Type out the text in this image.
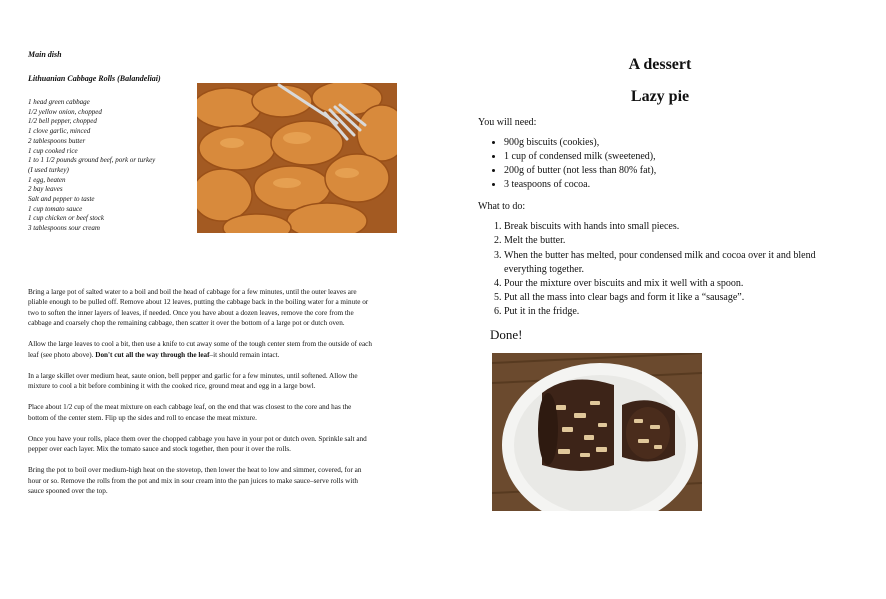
Main dish

Lithuanian Cabbage Rolls (Balandeliai)

1 head green cabbage
1/2 yellow onion, chopped
1/2 bell pepper, chopped
1 clove garlic, minced
2 tablespoons butter
1 cup cooked rice
1 to 1 1/2 pounds ground beef, pork or turkey
(I used turkey)
1 egg, beaten
2 bay leaves
Salt and pepper to taste
1 cup tomato sauce
1 cup chicken or beef stock
3 tablespoons sour cream

Bring a large pot of salted water to a boil and boil the head of cabbage for a few minutes, until the outer leaves are pliable enough to be pulled off. Remove about 12 leaves, putting the cabbage back in the boiling water for a minute or two to soften the inner layers of leaves, if needed. Once you have about a dozen leaves, remove the core from the cabbage and coarsely chop the remaining cabbage, then scatter it over the bottom of a large pot or dutch oven.

Allow the large leaves to cool a bit, then use a knife to cut away some of the tough center stem from the outside of each leaf (see photo above). Don't cut all the way through the leaf–it should remain intact.

In a large skillet over medium heat, saute onion, bell pepper and garlic for a few minutes, until softened. Allow the mixture to cool a bit before combining it with the cooked rice, ground meat and egg in a large bowl.

Place about 1/2 cup of the meat mixture on each cabbage leaf, on the end that was closest to the core and has the bottom of the center stem. Flip up the sides and roll to encase the meat mixture.

Once you have your rolls, place them over the chopped cabbage you have in your pot or dutch oven. Sprinkle salt and pepper over each layer. Mix the tomato sauce and stock together, then pour it over the rolls.

Bring the pot to boil over medium-high heat on the stovetop, then lower the heat to low and simmer, covered, for an hour or so. Remove the rolls from the pot and mix in sour cream into the pan juices to make sauce–serve rolls with sauce spooned over the top.

A dessert
Lazy pie

You will need:

• 900g biscuits (cookies),
• 1 cup of condensed milk (sweetened),
• 200g of butter (not less than 80% fat),
• 3 teaspoons of cocoa.

What to do:

1. Break biscuits with hands into small pieces.
2. Melt the butter.
3. When the butter has melted, pour condensed milk and cocoa over it and blend everything together.
4. Pour the mixture over biscuits and mix it well with a spoon.
5. Put all the mass into clear bags and form it like a “sausage”.
6. Put it in the fridge.

Done!
